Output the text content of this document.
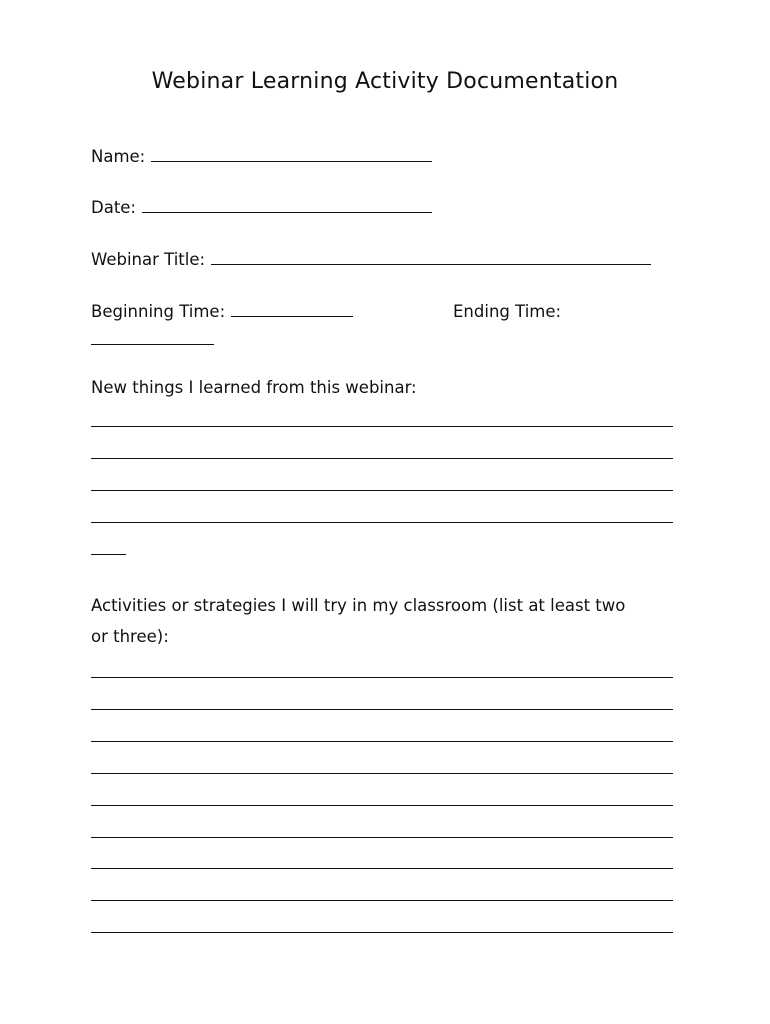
Webinar Learning Activity Documentation
Name:
Date:
Webinar Title:
Beginning Time:	Ending Time:
New things I learned from this webinar:
Activities or strategies I will try in my classroom (list at least two
or three):
